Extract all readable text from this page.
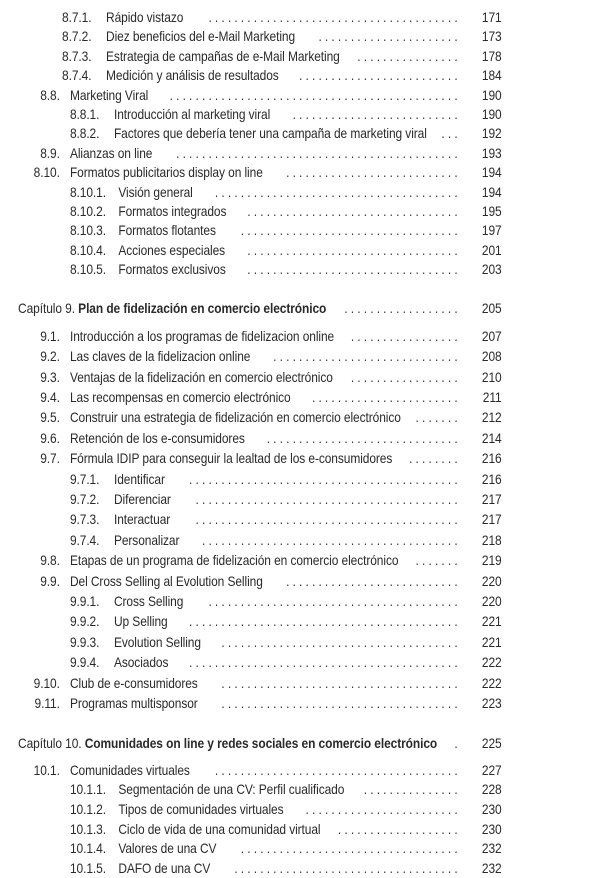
8.7.1.	Rápido vistazo	. . . . . . . . . . . . . . . . . . . . . . . . . . . . . . . . . . . . . . .	171
8.7.2.	Diez beneficios del e-Mail Marketing	. . . . . . . . . . . . . . . . . . . . . .	173
8.7.3.	Estrategia de campañas de e-Mail Marketing	. . . . . . . . . . . . . . . .	178
8.7.4.	Medición y análisis de resultados	. . . . . . . . . . . . . . . . . . . . . . . . .	184
8.8. Marketing Viral	. . . . . . . . . . . . . . . . . . . . . . . . . . . . . . . . . . . . . . . . . . . . .	190
8.8.1.	Introducción al marketing viral	. . . . . . . . . . . . . . . . . . . . . . . . . .	190
8.8.2.	Factores que debería tener una campaña de marketing viral	. . .	192
8.9. Alianzas on line	. . . . . . . . . . . . . . . . . . . . . . . . . . . . . . . . . . . . . . . . . . . .	193
8.10. Formatos publicitarios display on line	. . . . . . . . . . . . . . . . . . . . . . . . . . .	194
8.10.1. Visión general	. . . . . . . . . . . . . . . . . . . . . . . . . . . . . . . . . . . . . .	194
8.10.2. Formatos integrados	. . . . . . . . . . . . . . . . . . . . . . . . . . . . . . . . .	195
8.10.3. Formatos flotantes	. . . . . . . . . . . . . . . . . . . . . . . . . . . . . . . . . .	197
8.10.4. Acciones especiales	. . . . . . . . . . . . . . . . . . . . . . . . . . . . . . . . .	201
8.10.5. Formatos exclusivos	. . . . . . . . . . . . . . . . . . . . . . . . . . . . . . . . .	203
Capítulo 9. Plan de fidelización en comercio electrónico	. . . . . . . . . . . . . . . . . .	205
9.1. Introducción a los programas de fidelizacion online	. . . . . . . . . . . . . . . . .	207
9.2. Las claves de la fidelizacion online	. . . . . . . . . . . . . . . . . . . . . . . . . . . . .	208
9.3. Ventajas de la fidelización en comercio electrónico	. . . . . . . . . . . . . . . . .	210
9.4. Las recompensas en comercio electrónico	. . . . . . . . . . . . . . . . . . . . . . .	211
9.5. Construir una estrategia de fidelización en comercio electrónico	. . . . . . .	212
9.6. Retención de los e-consumidores	. . . . . . . . . . . . . . . . . . . . . . . . . . . . . .	214
9.7. Fórmula IDIP para conseguir la lealtad de los e-consumidores	. . . . . . . .	216
9.7.1.	Identificar	. . . . . . . . . . . . . . . . . . . . . . . . . . . . . . . . . . . . . . . . . .	216
9.7.2.	Diferenciar	. . . . . . . . . . . . . . . . . . . . . . . . . . . . . . . . . . . . . . . . .	217
9.7.3.	Interactuar	. . . . . . . . . . . . . . . . . . . . . . . . . . . . . . . . . . . . . . . . .	217
9.7.4.	Personalizar	. . . . . . . . . . . . . . . . . . . . . . . . . . . . . . . . . . . . . . . .	218
9.8. Etapas de un programa de fidelización en comercio electrónico	. . . . . . .	219
9.9. Del Cross Selling al Evolution Selling	. . . . . . . . . . . . . . . . . . . . . . . . . . .	220
9.9.1.	Cross Selling	. . . . . . . . . . . . . . . . . . . . . . . . . . . . . . . . . . . . . . .	220
9.9.2.	Up Selling	. . . . . . . . . . . . . . . . . . . . . . . . . . . . . . . . . . . . . . . . . .	221
9.9.3.	Evolution Selling	. . . . . . . . . . . . . . . . . . . . . . . . . . . . . . . . . . . . .	221
9.9.4.	Asociados	. . . . . . . . . . . . . . . . . . . . . . . . . . . . . . . . . . . . . . . . . .	222
9.10. Club de e-consumidores	. . . . . . . . . . . . . . . . . . . . . . . . . . . . . . . . . . . . .	222
9.11. Programas multisponsor	. . . . . . . . . . . . . . . . . . . . . . . . . . . . . . . . . . . . .	223
Capítulo 10. Comunidades on line y redes sociales en comercio electrónico	.	225
10.1. Comunidades virtuales	. . . . . . . . . . . . . . . . . . . . . . . . . . . . . . . . . . . . . .	227
10.1.1. Segmentación de una CV: Perfil cualificado	. . . . . . . . . . . . . . .	228
10.1.2. Tipos de comunidades virtuales	. . . . . . . . . . . . . . . . . . . . . . . .	230
10.1.3. Ciclo de vida de una comunidad virtual	. . . . . . . . . . . . . . . . . . .	230
10.1.4. Valores de una CV	. . . . . . . . . . . . . . . . . . . . . . . . . . . . . . . . . .	232
10.1.5. DAFO de una CV	. . . . . . . . . . . . . . . . . . . . . . . . . . . . . . . . . . .	232
